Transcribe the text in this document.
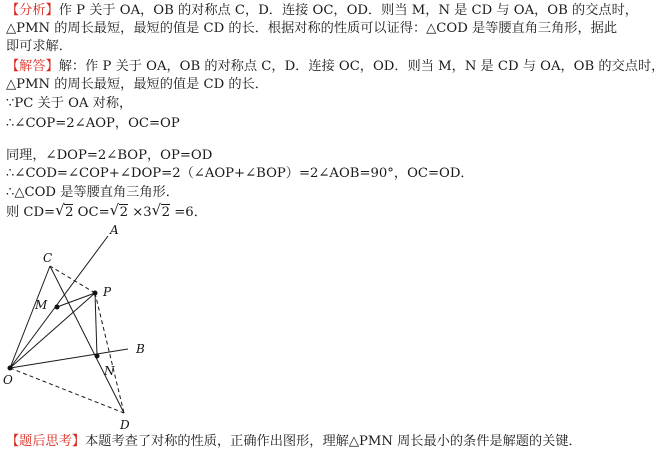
【分析】作 P 关于 OA，OB 的对称点 C，D．连接 OC，OD．则当 M，N 是 CD 与 OA，OB 的交点时，
△PMN 的周长最短，最短的值是 CD 的长．根据对称的性质可以证得：△COD 是等腰直角三角形，据此
即可求解．
【解答】解：作 P 关于 OA，OB 的对称点 C，D．连接 OC，OD．则当 M，N 是 CD 与 OA，OB 的交点时，
△PMN 的周长最短，最短的值是 CD 的长．
∵PC 关于 OA 对称，
∴∠COP=2∠AOP，OC=OP
同理，∠DOP=2∠BOP，OP=OD
∴∠COD=∠COP+∠DOP=2（∠AOP+∠BOP）=2∠AOB=90°，OC=OD．
∴△COD 是等腰直角三角形．
则 CD= √ 2 OC= √ 2 ×3 √ 2 =6．
A
C
P
M
B
N
O
D
【题后思考】本题考查了对称的性质，正确作出图形，理解△PMN 周长最小的条件是解题的关键．
